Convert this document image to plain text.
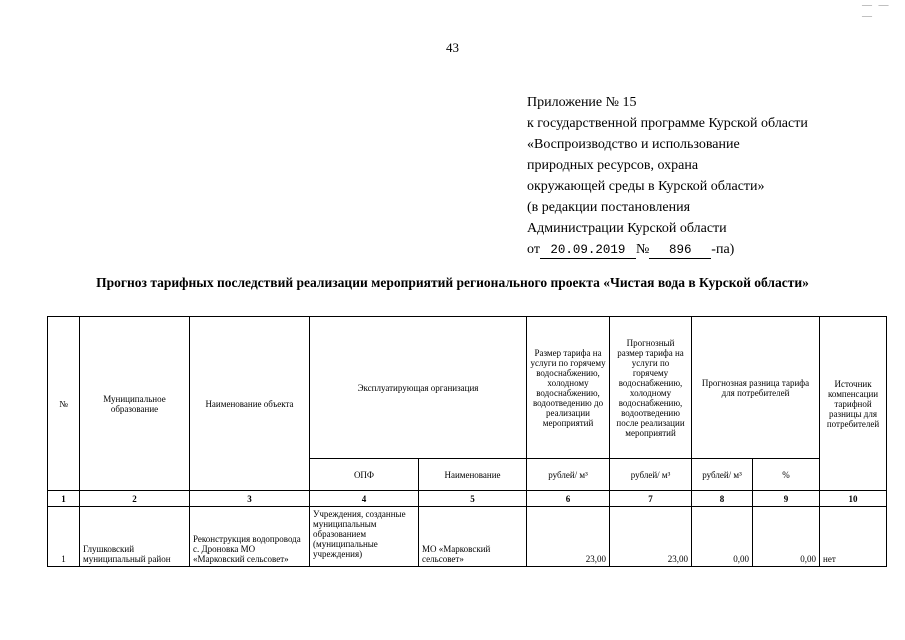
— — —
43
Приложение № 15
к государственной программе Курской области
«Воспроизводство и использование
природных ресурсов, охрана
окружающей среды в Курской области»
(в редакции постановления
Администрации Курской области
от 20.09.2019 № 896 -па)
Прогноз тарифных последствий реализации мероприятий регионального проекта «Чистая вода в Курской области»
№	Муниципальное образование	Наименование объекта	Эксплуатирующая организация		Размер тарифа на услуги по горячему водоснабжению, холодному водоснабжению, водоотведению до реализации мероприятий	Прогнозный размер тарифа на услуги по горячему водоснабжению, холодному водоснабжению, водоотведению после реализации мероприятий	Прогнозная разница тарифа для потребителей		Источник компенсации тарифной разницы для потребителей
			ОПФ	Наименование	рублей/ м³	рублей/ м³	рублей/ м³	%	
1	2	3	4	5	6	7	8	9	10
1	Глушковский муниципальный район	Реконструкция водопровода с. Дроновка МО «Марковский сельсовет»	Учреждения, созданные муниципальным образованием (муниципальные учреждения)	МО «Марковский сельсовет»	23,00	23,00	0,00	0,00	нет
